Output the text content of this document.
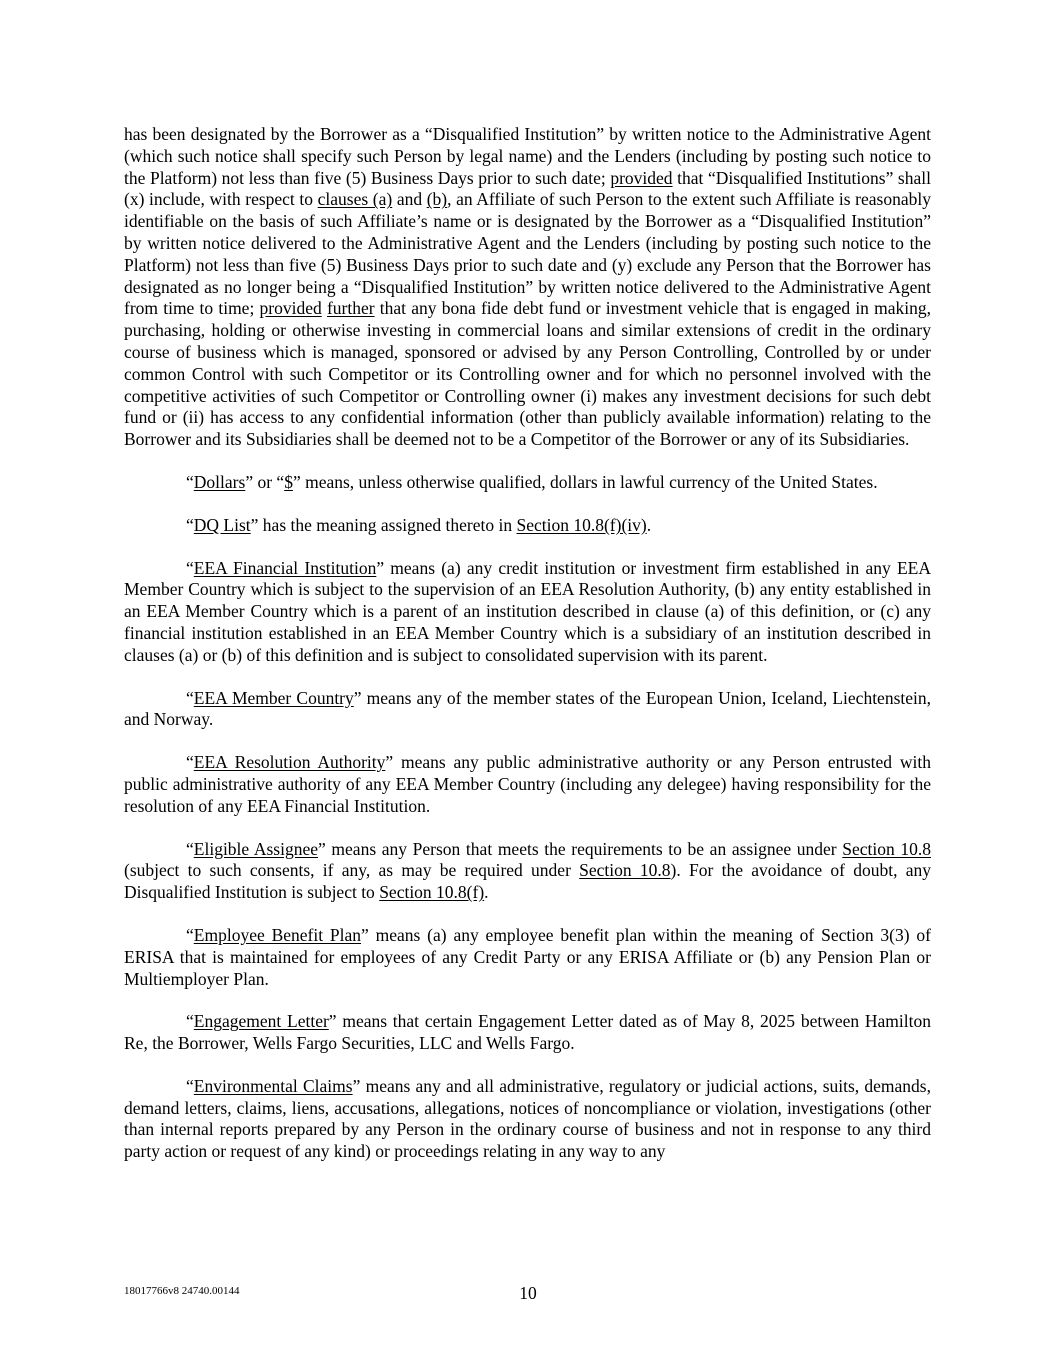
has been designated by the Borrower as a “Disqualified Institution” by written notice to the Administrative Agent (which such notice shall specify such Person by legal name) and the Lenders (including by posting such notice to the Platform) not less than five (5) Business Days prior to such date; provided that “Disqualified Institutions” shall (x) include, with respect to clauses (a) and (b), an Affiliate of such Person to the extent such Affiliate is reasonably identifiable on the basis of such Affiliate’s name or is designated by the Borrower as a “Disqualified Institution” by written notice delivered to the Administrative Agent and the Lenders (including by posting such notice to the Platform) not less than five (5) Business Days prior to such date and (y) exclude any Person that the Borrower has designated as no longer being a “Disqualified Institution” by written notice delivered to the Administrative Agent from time to time; provided further that any bona fide debt fund or investment vehicle that is engaged in making, purchasing, holding or otherwise investing in commercial loans and similar extensions of credit in the ordinary course of business which is managed, sponsored or advised by any Person Controlling, Controlled by or under common Control with such Competitor or its Controlling owner and for which no personnel involved with the competitive activities of such Competitor or Controlling owner (i) makes any investment decisions for such debt fund or (ii) has access to any confidential information (other than publicly available information) relating to the Borrower and its Subsidiaries shall be deemed not to be a Competitor of the Borrower or any of its Subsidiaries.

“Dollars” or “$” means, unless otherwise qualified, dollars in lawful currency of the United States.

“DQ List” has the meaning assigned thereto in Section 10.8(f)(iv).

“EEA Financial Institution” means (a) any credit institution or investment firm established in any EEA Member Country which is subject to the supervision of an EEA Resolution Authority, (b) any entity established in an EEA Member Country which is a parent of an institution described in clause (a) of this definition, or (c) any financial institution established in an EEA Member Country which is a subsidiary of an institution described in clauses (a) or (b) of this definition and is subject to consolidated supervision with its parent.

“EEA Member Country” means any of the member states of the European Union, Iceland, Liechtenstein, and Norway.

“EEA Resolution Authority” means any public administrative authority or any Person entrusted with public administrative authority of any EEA Member Country (including any delegee) having responsibility for the resolution of any EEA Financial Institution.

“Eligible Assignee” means any Person that meets the requirements to be an assignee under Section 10.8 (subject to such consents, if any, as may be required under Section 10.8). For the avoidance of doubt, any Disqualified Institution is subject to Section 10.8(f).

“Employee Benefit Plan” means (a) any employee benefit plan within the meaning of Section 3(3) of ERISA that is maintained for employees of any Credit Party or any ERISA Affiliate or (b) any Pension Plan or Multiemployer Plan.

“Engagement Letter” means that certain Engagement Letter dated as of May 8, 2025 between Hamilton Re, the Borrower, Wells Fargo Securities, LLC and Wells Fargo.

“Environmental Claims” means any and all administrative, regulatory or judicial actions, suits, demands, demand letters, claims, liens, accusations, allegations, notices of noncompliance or violation, investigations (other than internal reports prepared by any Person in the ordinary course of business and not in response to any third party action or request of any kind) or proceedings relating in any way to any

18017766v8 24740.00144	10
